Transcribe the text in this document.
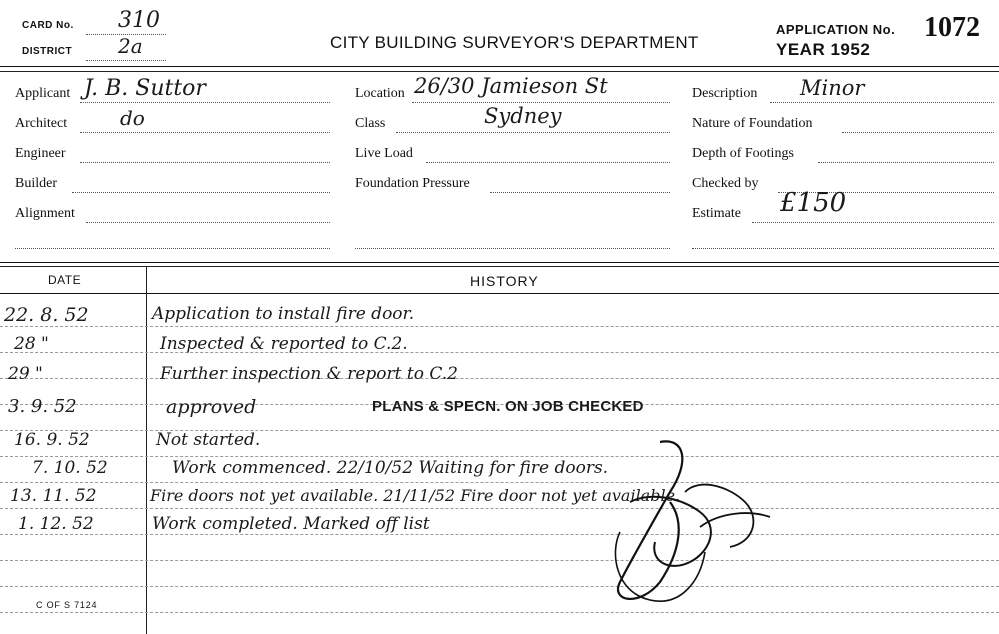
CARD No. 310
DISTRICT 2a	CITY BUILDING SURVEYOR'S DEPARTMENT
APPLICATION No. 1072
YEAR 1952
Applicant J. B. Suttor
Architect	do
Engineer
Builder
Alignment
Location 26/30 Jamieson St
Class	Sydney
Live Load
Foundation Pressure
Description Minor
Nature of Foundation
Depth of Footings
Checked by
Estimate £150
DATE	HISTORY
22. 8. 52	Application to install fire door.
28 "	Inspected & reported to C.2.
29 "	Further inspection & report to C.2
3. 9. 52	approved	PLANS & SPECN. ON JOB CHECKED
16. 9. 52	Not started.
7. 10. 52	Work commenced. 22/10/52 Waiting for fire doors.
13. 11. 52	Fire doors not yet available. 21/11/52 Fire door not yet available.
1. 12. 52	Work completed. Marked off list
C OF S 7124
